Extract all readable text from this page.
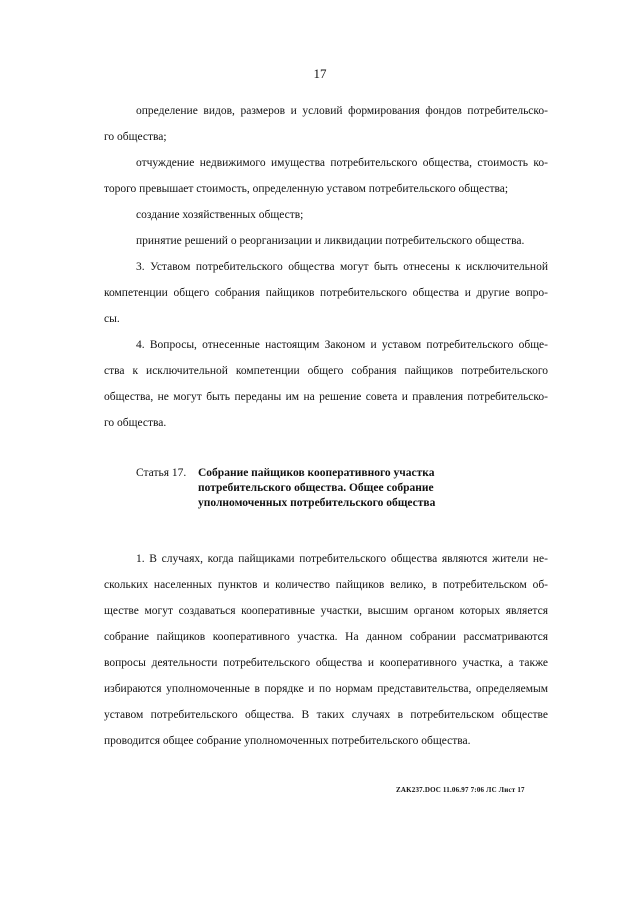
17
определение видов, размеров и условий формирования фондов потребительско-
го общества;
отчуждение недвижимого имущества потребительского общества, стоимость ко-
торого превышает стоимость, определенную уставом потребительского общества;
создание хозяйственных обществ;
принятие решений о реорганизации и ликвидации потребительского общества.
3. Уставом потребительского общества могут быть отнесены к исключительной
компетенции общего собрания пайщиков потребительского общества и другие вопро-
сы.
4. Вопросы, отнесенные настоящим Законом и уставом потребительского обще-
ства к исключительной компетенции общего собрания пайщиков потребительского
общества, не могут быть переданы им на решение совета и правления потребительско-
го общества.
Статья 17. Собрание пайщиков кооперативного участка
потребительского общества. Общее собрание
уполномоченных потребительского общества
1. В случаях, когда пайщиками потребительского общества являются жители не-
скольких населенных пунктов и количество пайщиков велико, в потребительском об-
ществе могут создаваться кооперативные участки, высшим органом которых является
собрание пайщиков кооперативного участка. На данном собрании рассматриваются
вопросы деятельности потребительского общества и кооперативного участка, а также
избираются уполномоченные в порядке и по нормам представительства, определяемым
уставом потребительского общества. В таких случаях в потребительском обществе
проводится общее собрание уполномоченных потребительского общества.
ZAK237.DOC 11.06.97 7:06 ЛС Лист 17
